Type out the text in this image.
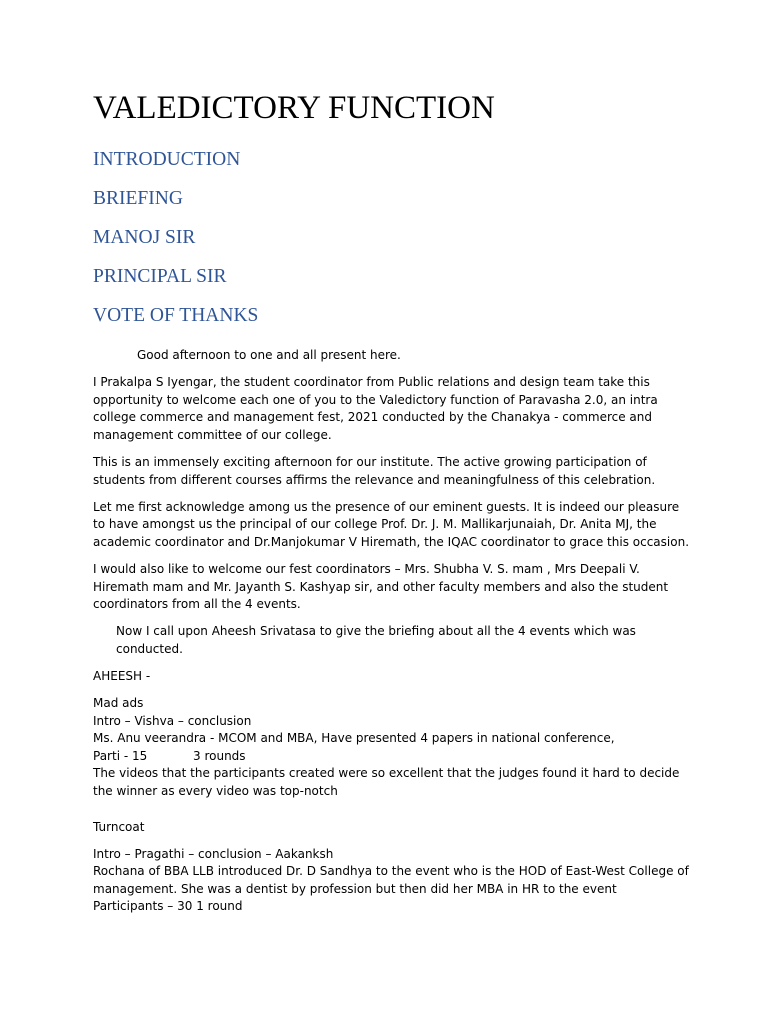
VALEDICTORY FUNCTION
INTRODUCTION
BRIEFING
MANOJ SIR
PRINCIPAL SIR
VOTE OF THANKS

Good afternoon to one and all present here.

I Prakalpa S Iyengar, the student coordinator from Public relations and design team take this opportunity to welcome each one of you to the Valedictory function of Paravasha 2.0, an intra college commerce and management fest, 2021 conducted by the Chanakya - commerce and management committee of our college.

This is an immensely exciting afternoon for our institute. The active growing participation of students from different courses affirms the relevance and meaningfulness of this celebration.

Let me first acknowledge among us the presence of our eminent guests. It is indeed our pleasure to have amongst us the principal of our college Prof. Dr. J. M. Mallikarjunaiah, Dr. Anita MJ, the academic coordinator and Dr.Manjokumar V Hiremath, the IQAC coordinator to grace this occasion.

I would also like to welcome our fest coordinators – Mrs. Shubha V. S. mam , Mrs Deepali V. Hiremath mam and Mr. Jayanth S. Kashyap sir, and other faculty members and also the student coordinators from all the 4 events.

Now I call upon Aheesh Srivatasa to give the briefing about all the 4 events which was conducted.

AHEESH -

Mad ads
Intro – Vishva – conclusion
Ms. Anu veerandra - MCOM and MBA, Have presented 4 papers in national conference,
Parti - 15	3 rounds
The videos that the participants created were so excellent that the judges found it hard to decide the winner as every video was top-notch

Turncoat

Intro – Pragathi – conclusion – Aakanksh
Rochana of BBA LLB introduced Dr. D Sandhya to the event who is the HOD of East-West College of management. She was a dentist by profession but then did her MBA in HR to the event
Participants – 30 1 round
